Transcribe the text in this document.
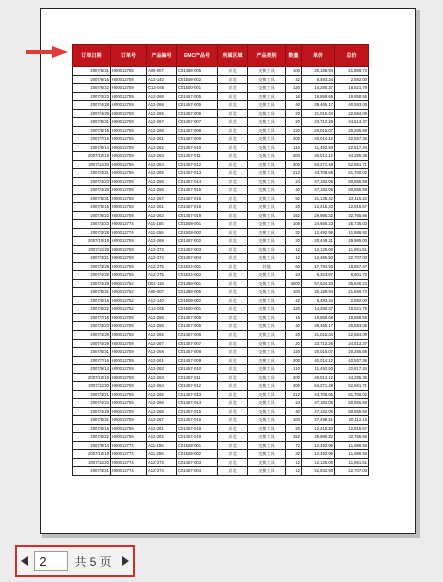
订单日期	订单号	产品编号	EMC产品号	所属区域	产品类别	数量	单价	总价
2007/5/31	H00012759	A05-007	C01488-005	京北	交换工具	100	20,189.94	21,859.73
2007/6/15	H00012759	A12-140	C01508-002	京北	交换工具	42	5,483.34	2,592.00
2007/6/22	H00012759	C12-046	C01500-001	京北	交换工具	120	14,280.37	18,521.79
2007/3/23	H00012759	A12-266	C01457-005	京北	交换工具	16	19,859.69	19,858.55
2007/4/28	H00012759	A12-266	C01457-005	京北	交换工具	40	39,465.17	40,583.05
2007/4/29	H00012759	A12-265	C01457-006	京北	交换工具	20	21,015.34	22,584.09
2007/5/31	H00012759	A12-267	C01457-007	京北	交换工具	20	23,712.26	24,513.37
2007/6/15	H00012759	A12-268	C01457-008	京北	交换工具	120	20,015.07	20,285.69
2007/7/16	H00012759	A12-261	C01457-009	京北	交换工具	200	40,014.12	42,557.36
2007/9/14	H00012759	A12-262	C01457-010	京北	交换工具	110	11,492.93	22,817.34
2007/10/19	H00012759	A12-263	C01457-011	京北	交换工具	200	40,014.12	44,285.35
2007/11/20	H00012759	A12-264	C01457-012	京北	交换工具	400	54,271.49	52,561.71
2007/3/21	H00012759	A12-265	C01457-013	京北	交换工具	212	43,708.65	51,700.02
2007/4/23	H00012759	A12-266	C01457-014	京北	交换工具	24	47,182.05	50,855.50
2007/4/28	H00012759	A12-266	C01457-015	京北	交换工具	40	47,182.05	50,855.50
2007/5/31	H00012759	A12-267	C01457-016	京北	交换工具	92	21,135.42	22,115.22
2007/6/15	H00012759	A12-261	C01457-018	京北	交换工具	20	12,415.33	12,815.67
2007/6/22	H00012759	A12-262	C01457-019	京北	交换工具	152	29,985.32	32,765.66
2007/3/23	H00012774	A11-155	C01508-001	京北	交换工具	108	24,655.23	25,735.03
2007/3/28	H00012774	A11-256	C01508-002	京北	交换工具	32	12,492.99	11,986.92
2007/10/19	H00012759	A12-269	C01457-002	京北	交换工具	20	20,449.31	29,985.00
2007/11/28	H00012759	A12-273	C01457-003	京北	交换工具	12	12,125.00	11,961.51
2007/3/21	H00012759	A12-274	C01457-004	京北	交换工具	12	12,485.50	22,707.03
2007/3/28	H00012759	A12-275	C01524-001	京北	其他	60	17,794.93	18,857.47
2007/4/29	H00012759	A12-275	C01524-002	京北	交换工具	24	5,323.67	8,601.73
2007/4/28	H00012752	D01-119	C01458-001	京北	交换工具	4000	57,634.33	35,640.24
2007/5/31	H00012752	A05-007	C01488-005	京北	交换工具	100	20,189.94	21,859.73
2007/6/15	H00012752	A12-140	C01508-002	京北	交换工具	42	5,483.34	2,592.00
2007/6/22	H00012752	C12-046	C01500-001	京北	交换工具	120	14,280.37	18,521.79
2007/7/16	H00012759	A12-266	C01457-005	京北	交换工具	16	19,859.69	19,858.55
2007/3/23	H00012759	A12-266	C01457-005	京北	交换工具	40	39,465.17	40,583.05
2007/4/28	H00012759	A12-265	C01457-006	京北	交换工具	20	21,015.34	22,584.09
2007/4/29	H00012759	A12-267	C01457-007	京北	交换工具	20	23,712.26	24,513.37
2007/5/31	H00012759	A12-268	C01457-008	京北	交换工具	120	20,015.07	20,285.69
2007/7/16	H00012759	A12-261	C01457-009	京北	交换工具	200	40,014.12	42,557.36
2007/9/14	H00012759	A12-262	C01457-010	京北	交换工具	110	11,492.93	22,817.34
2007/10/19	H00012759	A12-263	C01457-011	京北	交换工具	200	40,014.12	44,285.35
2007/11/20	H00012759	A12-264	C01457-012	京北	交换工具	400	54,271.49	52,561.71
2007/3/21	H00012759	A12-265	C01457-013	京北	交换工具	212	43,708.65	51,700.02
2007/4/23	H00012759	A12-266	C01457-014	京北	交换工具	24	47,182.05	50,855.50
2007/4/28	H00012759	A12-266	C01457-015	京北	交换工具	40	47,182.05	50,855.50
2007/5/31	H00012759	A12-267	C01457-016	京北	交换工具	100	27,498.51	20,112.15
2007/6/15	H00012759	A12-261	C01457-018	京北	交换工具	20	12,415.33	12,815.67
2007/6/22	H00012759	A12-262	C01457-019	京北	交换工具	152	29,985.32	32,765.66
2007/9/14	H00012774	A11-155	C01508-001	京北	交换工具	72	12,492.99	11,986.92
2007/10/19	H00012774	A11-256	C01508-002	京北	交换工具	32	12,492.99	11,986.92
2007/11/20	H00012774	A12-273	C01457-003	京北	交换工具	12	12,125.00	11,961.51
2007/3/21	H00012774	A12-274	C01457-004	京北	交换工具	12	22,932.93	22,707.03
2
共 5 页
